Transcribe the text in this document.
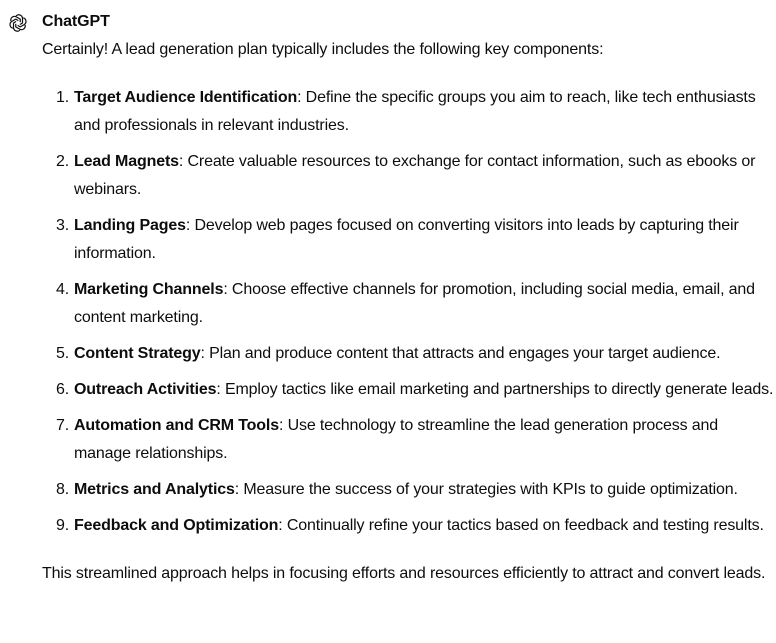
ChatGPT

Certainly! A lead generation plan typically includes the following key components:

1. Target Audience Identification: Define the specific groups you aim to reach, like tech enthusiasts and professionals in relevant industries.
2. Lead Magnets: Create valuable resources to exchange for contact information, such as ebooks or webinars.
3. Landing Pages: Develop web pages focused on converting visitors into leads by capturing their information.
4. Marketing Channels: Choose effective channels for promotion, including social media, email, and content marketing.
5. Content Strategy: Plan and produce content that attracts and engages your target audience.
6. Outreach Activities: Employ tactics like email marketing and partnerships to directly generate leads.
7. Automation and CRM Tools: Use technology to streamline the lead generation process and manage relationships.
8. Metrics and Analytics: Measure the success of your strategies with KPIs to guide optimization.
9. Feedback and Optimization: Continually refine your tactics based on feedback and testing results.

This streamlined approach helps in focusing efforts and resources efficiently to attract and convert leads.
